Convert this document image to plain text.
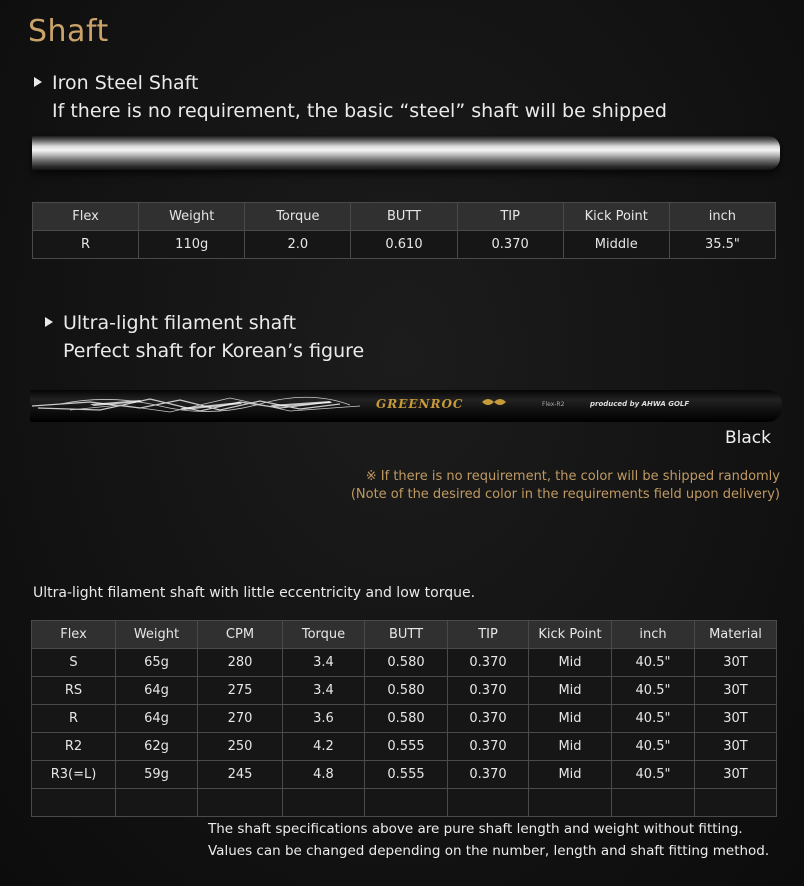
Shaft
Iron Steel Shaft
If there is no requirement, the basic “steel” shaft will be shipped
Flex	Weight	Torque	BUTT	TIP	Kick Point	inch
R	110g	2.0	0.610	0.370	Middle	35.5"
Ultra-light filament shaft
Perfect shaft for Korean’s figure
GREENROC	Flex-R2	produced by AHWA GOLF
Black
※ If there is no requirement, the color will be shipped randomly
(Note of the desired color in the requirements field upon delivery)
Ultra-light filament shaft with little eccentricity and low torque.
Flex	Weight	CPM	Torque	BUTT	TIP	Kick Point	inch	Material
S	65g	280	3.4	0.580	0.370	Mid	40.5"	30T
RS	64g	275	3.4	0.580	0.370	Mid	40.5"	30T
R	64g	270	3.6	0.580	0.370	Mid	40.5"	30T
R2	62g	250	4.2	0.555	0.370	Mid	40.5"	30T
R3(=L)	59g	245	4.8	0.555	0.370	Mid	40.5"	30T

The shaft specifications above are pure shaft length and weight without fitting.
Values can be changed depending on the number, length and shaft fitting method.
